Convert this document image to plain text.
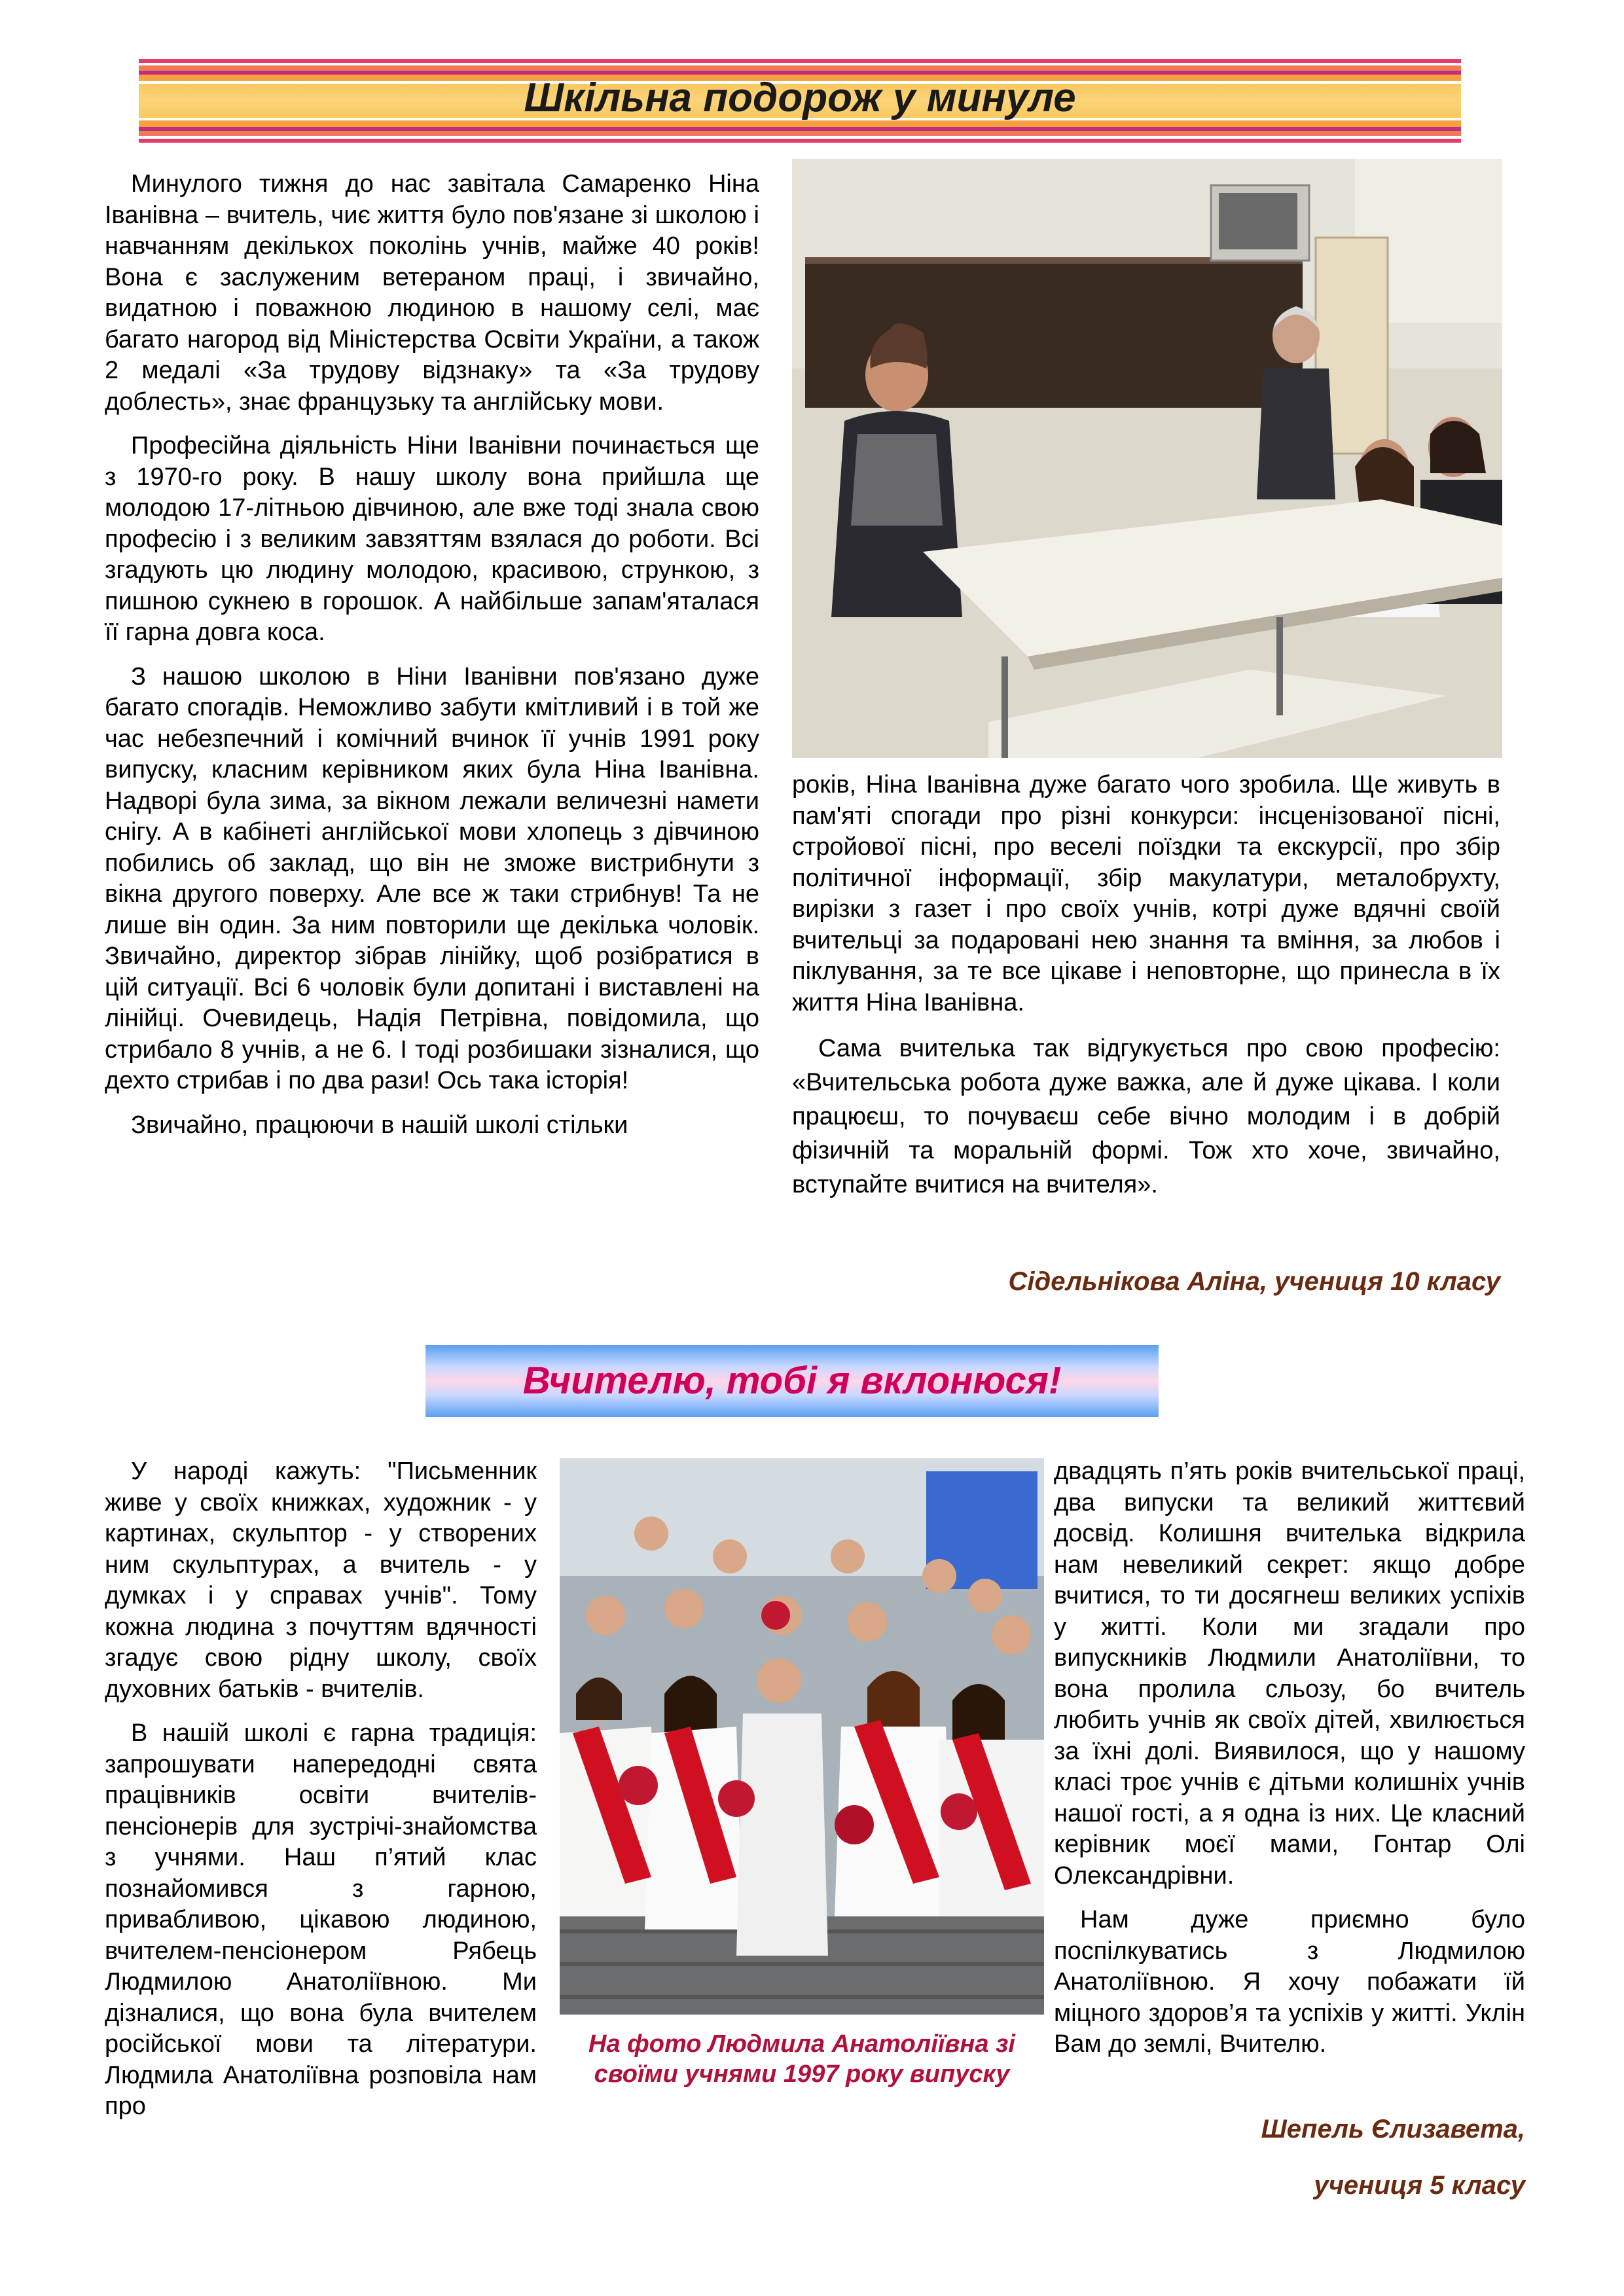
Шкільна подорож у минуле

Минулого тижня до нас завітала Самаренко Ніна Іванівна – вчитель, чиє життя було пов'язане зі школою і навчанням декількох поколінь учнів, майже 40 років! Вона є заслуженим ветераном праці, і звичайно, видатною і поважною людиною в нашому селі, має багато нагород від Міністерства Освіти України, а також 2 медалі «За трудову відзнаку» та «За трудову доблесть», знає французьку та англійську мови.

Професійна діяльність Ніни Іванівни починається ще з 1970-го року. В нашу школу вона прийшла ще молодою 17-літньою дівчиною, але вже тоді знала свою професію і з великим завзяттям взялася до роботи. Всі згадують цю людину молодою, красивою, стрункою, з пишною сукнею в горошок. А найбільше запам'яталася її гарна довга коса.

З нашою школою в Ніни Іванівни пов'язано дуже багато спогадів. Неможливо забути кмітливий і в той же час небезпечний і комічний вчинок її учнів 1991 року випуску, класним керівником яких була Ніна Іванівна. Надворі була зима, за вікном лежали величезні намети снігу. А в кабінеті англійської мови хлопець з дівчиною побились об заклад, що він не зможе вистрибнути з вікна другого поверху. Але все ж таки стрибнув! Та не лише він один. За ним повторили ще декілька чоловік. Звичайно, директор зібрав лінійку, щоб розібратися в цій ситуації. Всі 6 чоловік були допитані і виставлені на лінійці. Очевидець, Надія Петрівна, повідомила, що стрибало 8 учнів, а не 6. І тоді розбишаки зізналися, що дехто стрибав і по два рази! Ось така історія!

Звичайно, працюючи в нашій школі стільки

років, Ніна Іванівна дуже багато чого зробила. Ще живуть в пам'яті спогади про різні конкурси: інсценізованої пісні, стройової пісні, про веселі поїздки та екскурсії, про збір політичної інформації, збір макулатури, металобрухту, вирізки з газет і про своїх учнів, котрі дуже вдячні своїй вчительці за подаровані нею знання та вміння, за любов і піклування, за те все цікаве і неповторне, що принесла в їх життя Ніна Іванівна.

Сама вчителька так відгукується про свою професію: «Вчительська робота дуже важка, але й дуже цікава. І коли працюєш, то почуваєш себе вічно молодим і в добрій фізичній та моральній формі. Тож хто хоче, звичайно, вступайте вчитися на вчителя».

Сідельнікова Аліна, учениця 10 класу
Вчителю, тобі я вклонюся!

У народі кажуть: "Письменник живе у своїх книжках, художник - у картинах, скульптор - у створених ним скульптурах, а вчитель - у думках і у справах учнів". Тому кожна людина з почуттям вдячності згадує свою рідну школу, своїх духовних батьків - вчителів.

В нашій школі є гарна традиція: запрошувати напередодні свята працівників освіти вчителів-пенсіонерів для зустрічі-знайомства з учнями. Наш п’ятий клас познайомився з гарною, привабливою, цікавою людиною, вчителем-пенсіонером Рябець Людмилою Анатоліївною. Ми дізналися, що вона була вчителем російської мови та літератури. Людмила Анатоліївна розповіла нам про

На фото Людмила Анатоліївна зі своїми учнями 1997 року випуску

двадцять п’ять років вчительської праці, два випуски та великий життєвий досвід. Колишня вчителька відкрила нам невеликий секрет: якщо добре вчитися, то ти досягнеш великих успіхів у житті. Коли ми згадали про випускників Людмили Анатоліївни, то вона пролила сльозу, бо вчитель любить учнів як своїх дітей, хвилюється за їхні долі. Виявилося, що у нашому класі троє учнів є дітьми колишніх учнів нашої гості, а я одна із них. Це класний керівник моєї мами, Гонтар Олі Олександрівни.

Нам дуже приємно було поспілкуватись з Людмилою Анатоліївною. Я хочу побажати їй міцного здоров’я та успіхів у житті. Уклін Вам до землі, Вчителю.

Шепель Єлизавета,
учениця 5 класу
